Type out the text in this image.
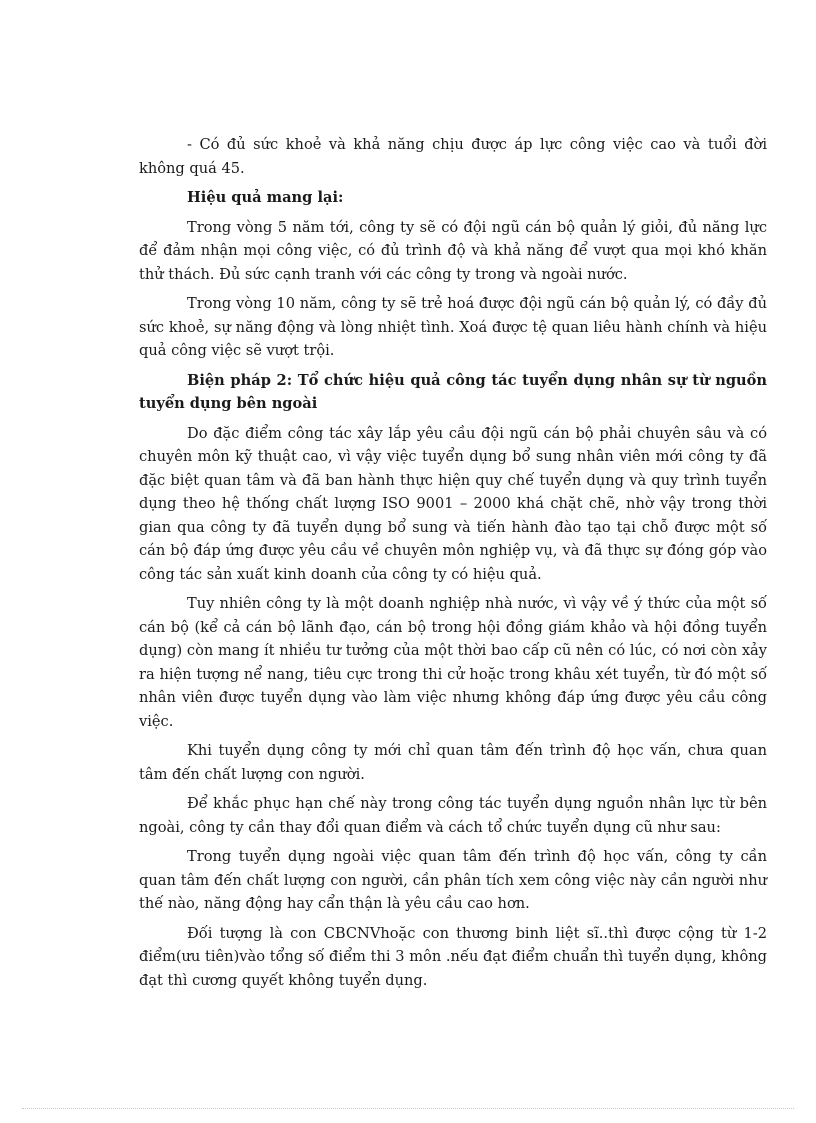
- Có đủ sức khoẻ và khả năng chịu được áp lực công việc cao và tuổi đời không quá 45.

Hiệu quả mang lại:

Trong vòng 5 năm tới, công ty sẽ có đội ngũ cán bộ quản lý giỏi, đủ năng lực để đảm nhận mọi công việc, có đủ trình độ và khả năng để vượt qua mọi khó khăn thử thách. Đủ sức cạnh tranh với các công ty trong và ngoài nước.

Trong vòng 10 năm, công ty sẽ trẻ hoá được đội ngũ cán bộ quản lý, có đầy đủ sức khoẻ, sự năng động và lòng nhiệt tình. Xoá được tệ quan liêu hành chính và hiệu quả công việc sẽ vượt trội.

Biện pháp 2: Tổ chức hiệu quả công tác tuyển dụng nhân sự từ nguồn tuyển dụng bên ngoài

Do đặc điểm công tác xây lắp yêu cầu đội ngũ cán bộ phải chuyên sâu và có chuyên môn kỹ thuật cao, vì vậy việc tuyển dụng bổ sung nhân viên mới công ty đã đặc biệt quan tâm và đã ban hành thực hiện quy chế tuyển dụng và quy trình tuyển dụng theo hệ thống chất lượng ISO 9001 – 2000 khá chặt chẽ, nhờ vậy trong thời gian qua công ty đã tuyển dụng bổ sung và tiến hành đào tạo tại chỗ được một số cán bộ đáp ứng được yêu cầu về chuyên môn nghiệp vụ, và đã thực sự đóng góp vào công tác sản xuất kinh doanh của công ty có hiệu quả.

Tuy nhiên công ty là một doanh nghiệp nhà nước, vì vậy về ý thức của một số cán bộ (kể cả cán bộ lãnh đạo, cán bộ trong hội đồng giám khảo và hội đồng tuyển dụng) còn mang ít nhiều tư tưởng của một thời bao cấp cũ nên có lúc, có nơi còn xảy ra hiện tượng nể nang, tiêu cực trong thi cử hoặc trong khâu xét tuyển, từ đó một số nhân viên được tuyển dụng vào làm việc nhưng không đáp ứng được yêu cầu công việc.

Khi tuyển dụng công ty mới chỉ quan tâm đến trình độ học vấn, chưa quan tâm đến chất lượng con người.

Để khắc phục hạn chế này trong công tác tuyển dụng nguồn nhân lực từ bên ngoài, công ty cần thay đổi quan điểm và cách tổ chức tuyển dụng cũ như sau:

Trong tuyển dụng ngoài việc quan tâm đến trình độ học vấn, công ty cần quan tâm đến chất lượng con người, cần phân tích xem công việc này cần người như thế nào, năng động hay cẩn thận là yêu cầu cao hơn.

Đối tượng là con CBCNVhoặc con thương binh liệt sĩ..thì được cộng từ 1-2 điểm(ưu tiên)vào tổng số điểm thi 3 môn .nếu đạt điểm chuẩn thì tuyển dụng, không đạt thì cương quyết không tuyển dụng.
